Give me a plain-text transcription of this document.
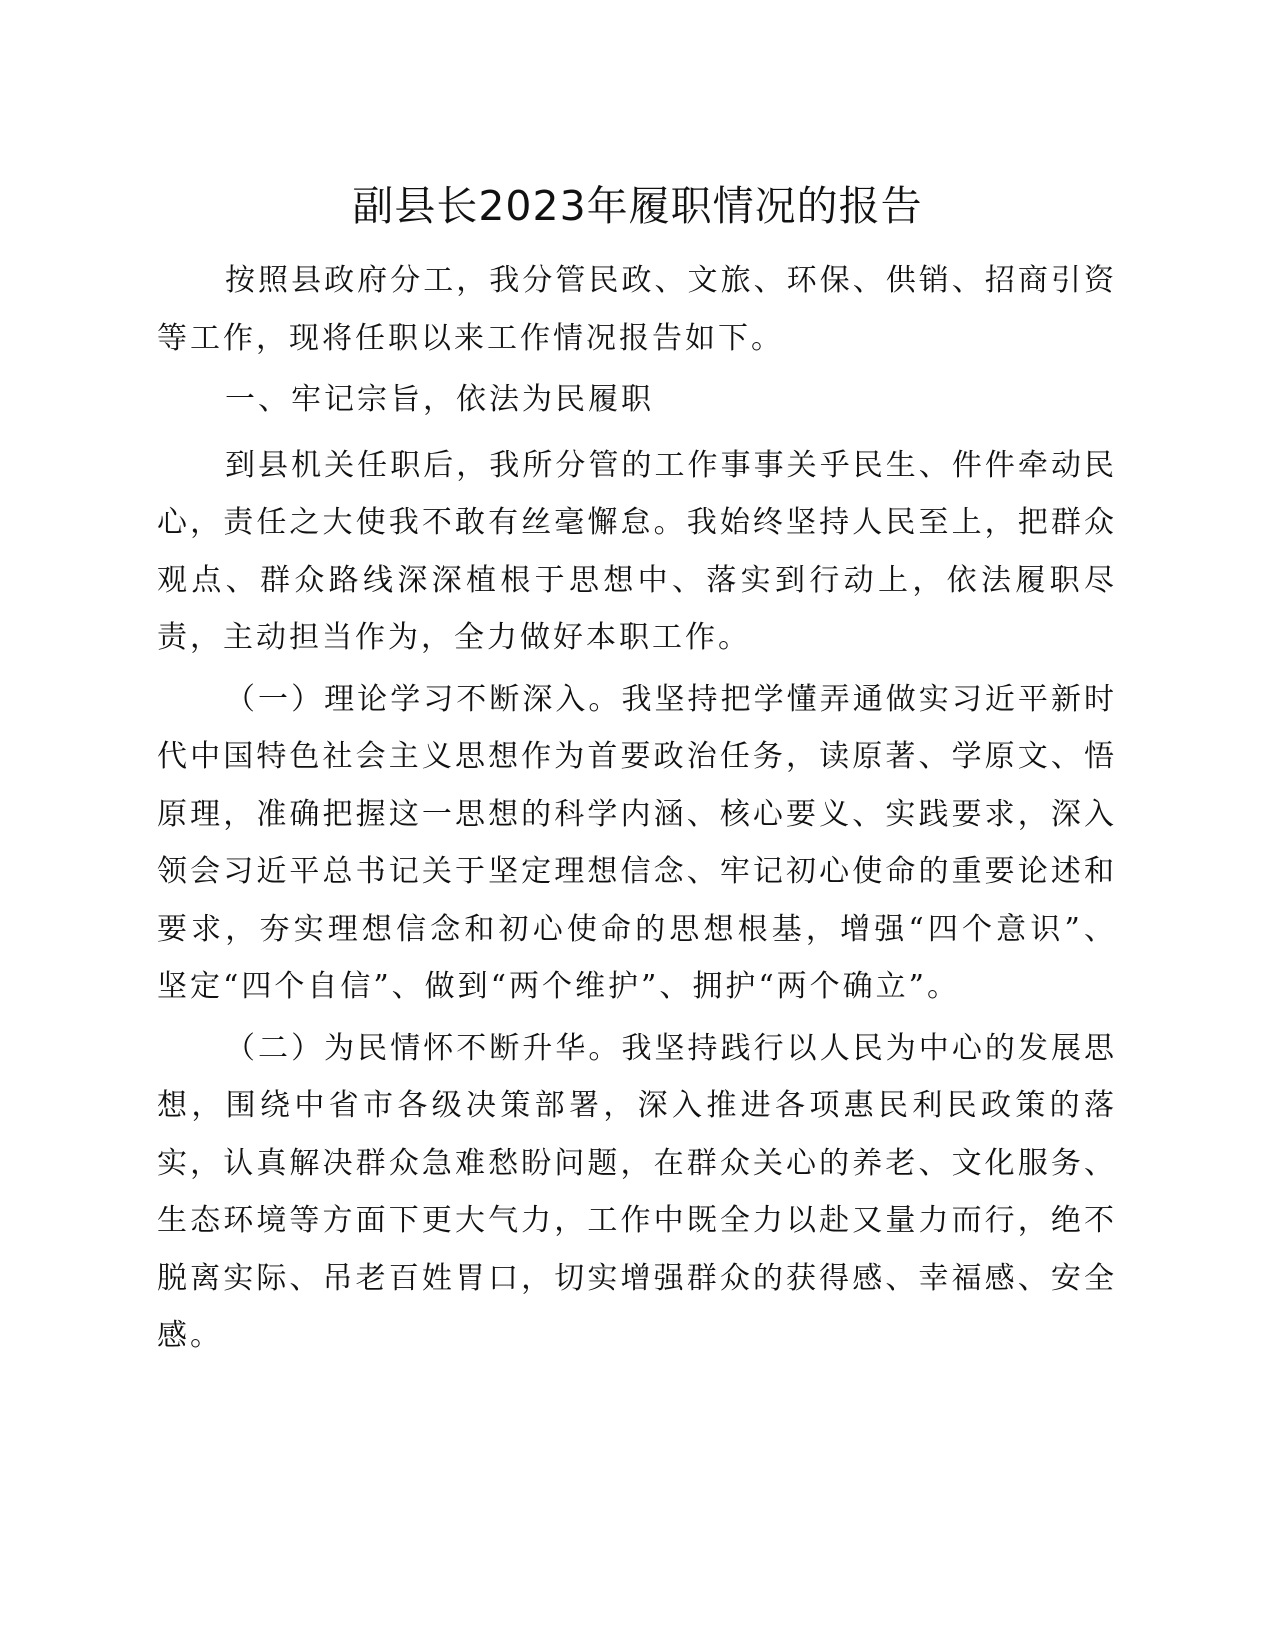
副县长2023年履职情况的报告

按照县政府分工，我分管民政、文旅、环保、供销、招商引资等工作，现将任职以来工作情况报告如下。

一、牢记宗旨，依法为民履职

到县机关任职后，我所分管的工作事事关乎民生、件件牵动民心，责任之大使我不敢有丝毫懈怠。我始终坚持人民至上，把群众观点、群众路线深深植根于思想中、落实到行动上，依法履职尽责，主动担当作为，全力做好本职工作。

（一）理论学习不断深入。我坚持把学懂弄通做实习近平新时代中国特色社会主义思想作为首要政治任务，读原著、学原文、悟原理，准确把握这一思想的科学内涵、核心要义、实践要求，深入领会习近平总书记关于坚定理想信念、牢记初心使命的重要论述和要求，夯实理想信念和初心使命的思想根基，增强“四个意识”、坚定“四个自信”、做到“两个维护”、拥护“两个确立”。

（二）为民情怀不断升华。我坚持践行以人民为中心的发展思想，围绕中省市各级决策部署，深入推进各项惠民利民政策的落实，认真解决群众急难愁盼问题，在群众关心的养老、文化服务、生态环境等方面下更大气力，工作中既全力以赴又量力而行，绝不脱离实际、吊老百姓胃口，切实增强群众的获得感、幸福感、安全感。
